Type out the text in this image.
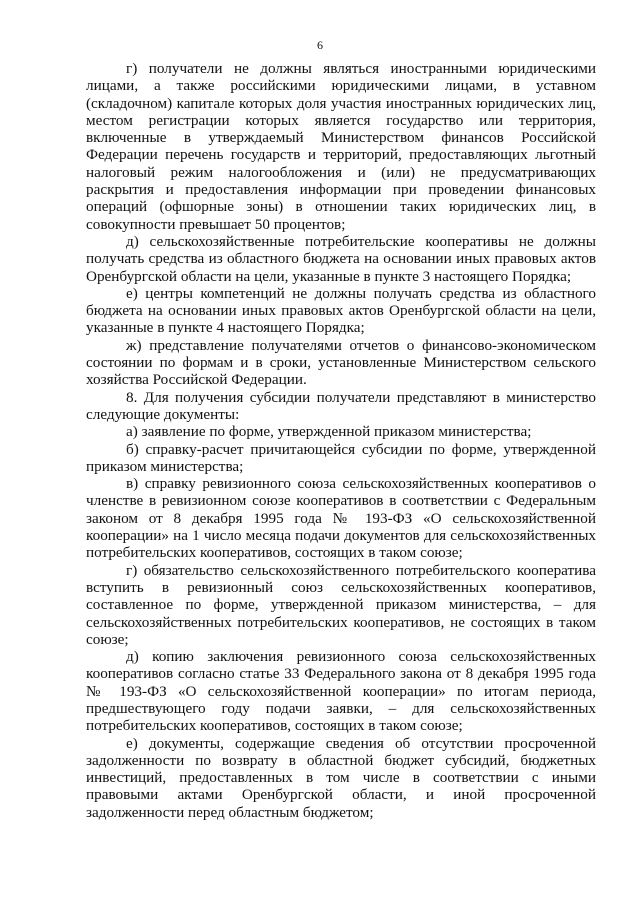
6

г) получатели не должны являться иностранными юридическими лицами, а также российскими юридическими лицами, в уставном (складочном) капитале которых доля участия иностранных юридических лиц, местом регистрации которых является государство или территория, включенные в утверждаемый Министерством финансов Российской Федерации перечень государств и территорий, предоставляющих льготный налоговый режим налогообложения и (или) не предусматривающих раскрытия и предоставления информации при проведении финансовых операций (офшорные зоны) в отношении таких юридических лиц, в совокупности превышает 50 процентов;

д) сельскохозяйственные потребительские кооперативы не должны получать средства из областного бюджета на основании иных правовых актов Оренбургской области на цели, указанные в пункте 3 настоящего Порядка;

е) центры компетенций не должны получать средства из областного бюджета на основании иных правовых актов Оренбургской области на цели, указанные в пункте 4 настоящего Порядка;

ж) представление получателями отчетов о финансово-экономическом состоянии по формам и в сроки, установленные Министерством сельского хозяйства Российской Федерации.

8. Для получения субсидии получатели представляют в министерство следующие документы:

а) заявление по форме, утвержденной приказом министерства;

б) справку-расчет причитающейся субсидии по форме, утвержденной приказом министерства;

в) справку ревизионного союза сельскохозяйственных кооперативов о членстве в ревизионном союзе кооперативов в соответствии с Федеральным законом от 8 декабря 1995 года № 193-ФЗ «О сельскохозяйственной кооперации» на 1 число месяца подачи документов для сельскохозяйственных потребительских кооперативов, состоящих в таком союзе;

г) обязательство сельскохозяйственного потребительского кооператива вступить в ревизионный союз сельскохозяйственных кооперативов, составленное по форме, утвержденной приказом министерства, – для сельскохозяйственных потребительских кооперативов, не состоящих в таком союзе;

д) копию заключения ревизионного союза сельскохозяйственных кооперативов согласно статье 33 Федерального закона от 8 декабря 1995 года № 193-ФЗ «О сельскохозяйственной кооперации» по итогам периода, предшествующего году подачи заявки, – для сельскохозяйственных потребительских кооперативов, состоящих в таком союзе;

е) документы, содержащие сведения об отсутствии просроченной задолженности по возврату в областной бюджет субсидий, бюджетных инвестиций, предоставленных в том числе в соответствии с иными правовыми актами Оренбургской области, и иной просроченной задолженности перед областным бюджетом;
